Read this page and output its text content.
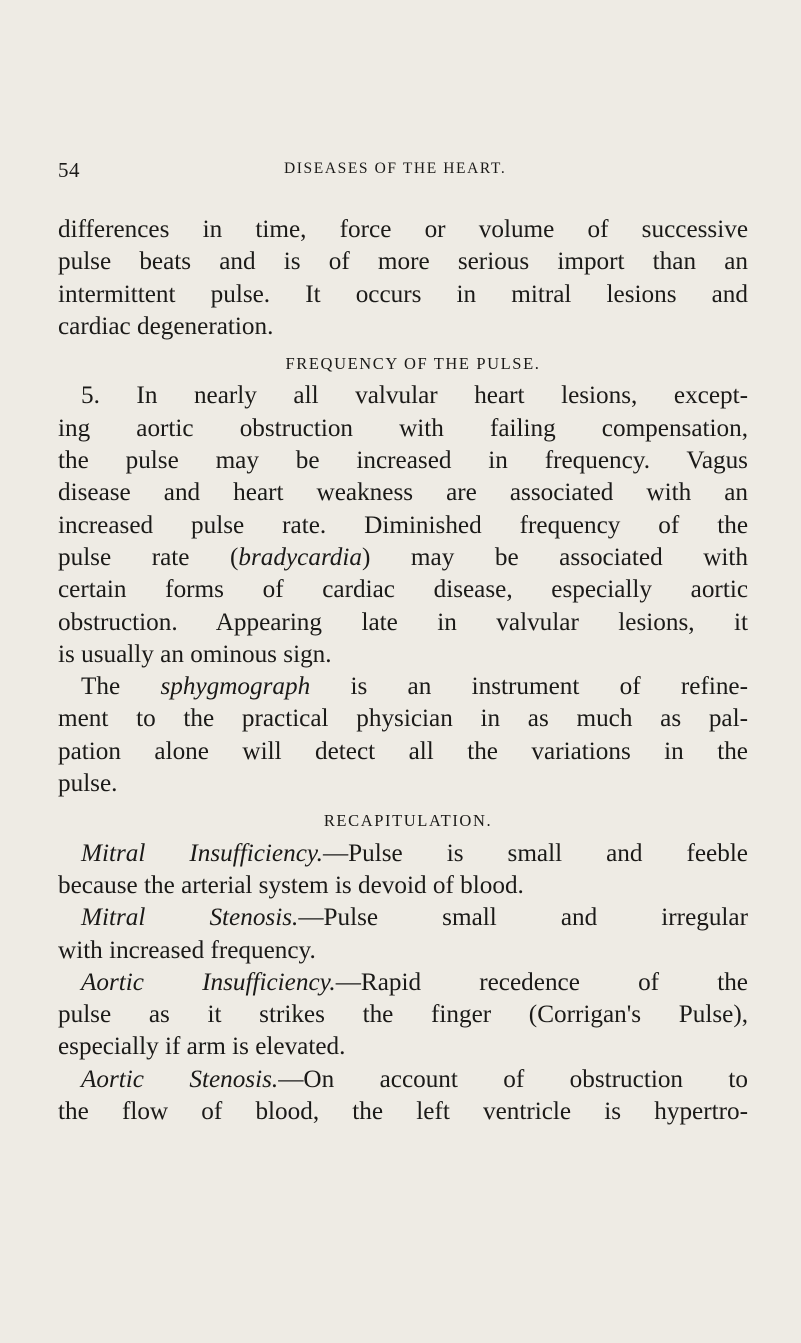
54	DISEASES OF THE HEART.

differences in time, force or volume of successive
pulse beats and is of more serious import than an
intermittent pulse. It occurs in mitral lesions and
cardiac degeneration.

FREQUENCY OF THE PULSE.

5. In nearly all valvular heart lesions, except-
ing aortic obstruction with failing compensation,
the pulse may be increased in frequency. Vagus
disease and heart weakness are associated with an
increased pulse rate. Diminished frequency of the
pulse rate (bradycardia) may be associated with
certain forms of cardiac disease, especially aortic
obstruction. Appearing late in valvular lesions, it
is usually an ominous sign.

The sphygmograph is an instrument of refine-
ment to the practical physician in as much as pal-
pation alone will detect all the variations in the
pulse.

RECAPITULATION.

Mitral Insufficiency.—Pulse is small and feeble
because the arterial system is devoid of blood.

Mitral Stenosis.—Pulse small and irregular
with increased frequency.

Aortic Insufficiency.—Rapid recedence of the
pulse as it strikes the finger (Corrigan's Pulse),
especially if arm is elevated.

Aortic Stenosis.—On account of obstruction to
the flow of blood, the left ventricle is hypertro-
